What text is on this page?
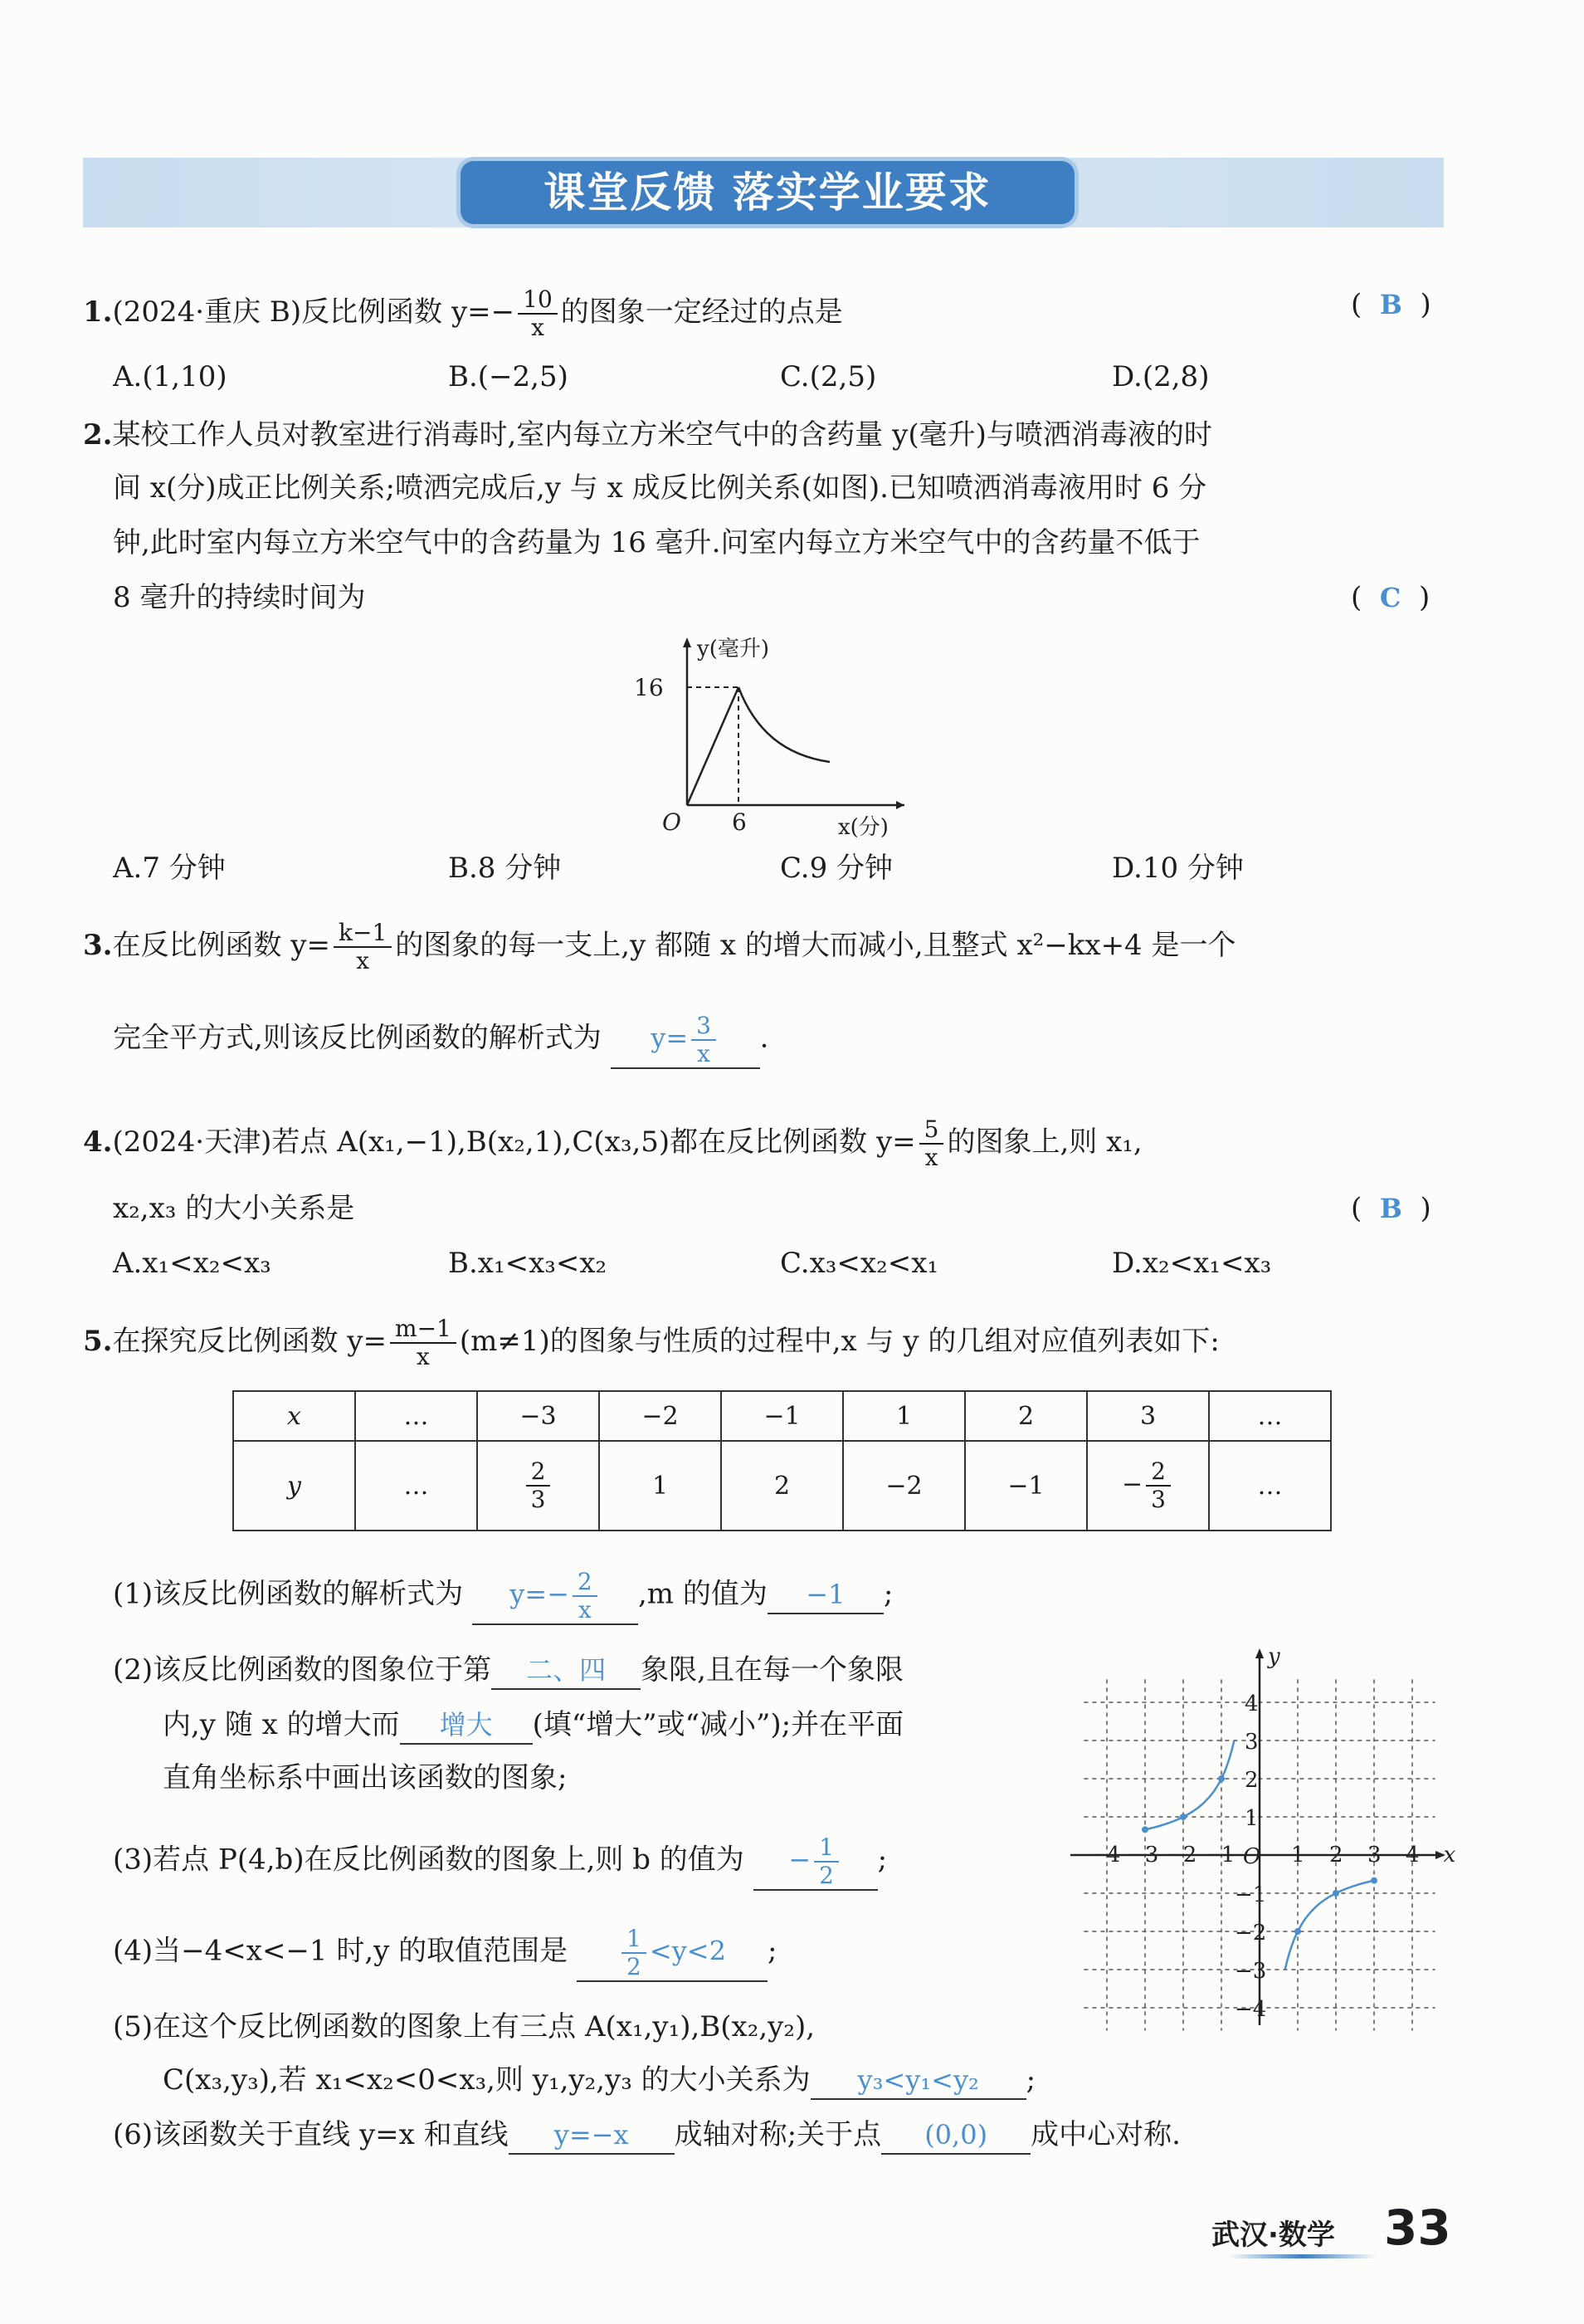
课堂反馈 落实学业要求
1.(2024·重庆 B)反比例函数 $y=- \frac{10}{x}$ 的图象一定经过的点是	(  B  )
A.(1,10)	B.(−2,5)	C.(2,5)	D.(2,8)
2.某校工作人员对教室进行消毒时,室内每立方米空气中的含药量 y(毫升)与喷洒消毒液的时
间 x(分)成正比例关系;喷洒完成后,y 与 x 成反比例关系(如图).已知喷洒消毒液用时 6 分
钟,此时室内每立方米空气中的含药量为 16 毫升.问室内每立方米空气中的含药量不低于
8 毫升的持续时间为	(  C  )
16
6
O
y(毫升)
x(分)
A.7 分钟	B.8 分钟	C.9 分钟	D.10 分钟
3.在反比例函数 $y= \frac{k-1}{x}$ 的图象的每一支上,y 都随 x 的增大而减小,且整式 x²−kx+4 是一个
完全平方式,则该反比例函数的解析式为 $y= \frac{3}{x}$ .
4.(2024·天津)若点 A(x₁,−1),B(x₂,1),C(x₃,5)都在反比例函数 $y= \frac{5}{x}$ 的图象上,则 x₁,
x₂,x₃ 的大小关系是	(  B  )
A.x₁<x₂<x₃	B.x₁<x₃<x₂	C.x₃<x₂<x₁	D.x₂<x₁<x₃
5.在探究反比例函数 $y= \frac{m-1}{x} (m\ne 1)$的图象与性质的过程中,x 与 y 的几组对应值列表如下:
x	…	−3	−2	−1	1	2	3	…
y	…	$\frac{2}{3}$	1	2	−2	−1	− $\frac{2}{3}$	…
(1)该反比例函数的解析式为 $y=- \frac{2}{x} ,m$ 的值为 −1 ;
(2)该反比例函数的图象位于第 二、四 象限,且在每一个象限
内,y 随 x 的增大而 增大 (填“增大”或“减小”);并在平面
直角坐标系中画出该函数的图象;
(3)若点 P(4,b)在反比例函数的图象上,则 b 的值为 − $\frac{1}{2}$ ;
(4)当−4<x<−1 时,y 的取值范围是 $\frac{1}{2} <y<2$ ;
(5)在这个反比例函数的图象上有三点 A(x₁,y₁),B(x₂,y₂),
C(x₃,y₃),若 x₁<x₂<0<x₃,则 y₁,y₂,y₃ 的大小关系为 y₃<y₁<y₂ ;
(6)该函数关于直线 y=x 和直线 y=−x 成轴对称;关于点 (0,0) 成中心对称.
−4 −3 −2 −1	1 2 3 4
4
3
2
1
−1
−2
−3
−4
O	x
y
武汉·数学 33
